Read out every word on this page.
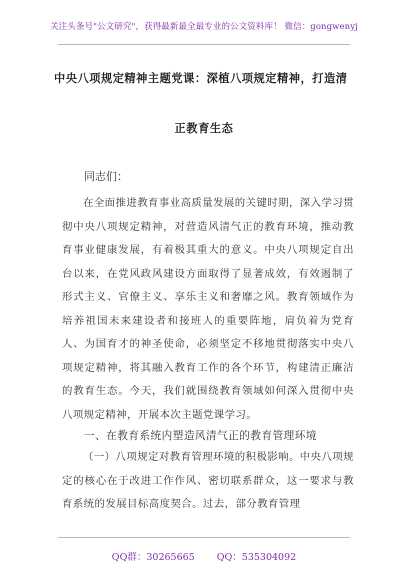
关注头条号"公文研究"，获得最新最全最专业的公文资料库！ 微信：gongwenyj
中央八项规定精神主题党课：深植八项规定精神，打造清
正教育生态
同志们：
在全面推进教育事业高质量发展的关键时期，深入学习贯彻中央八项规定精神，对营造风清气正的教育环境，推动教育事业健康发展，有着极其重大的意义。中央八项规定自出台以来，在党风政风建设方面取得了显著成效，有效遏制了形式主义、官僚主义、享乐主义和奢靡之风。教育领域作为培养祖国未来建设者和接班人的重要阵地，肩负着为党育人、为国育才的神圣使命，必须坚定不移地贯彻落实中央八项规定精神，将其融入教育工作的各个环节，构建清正廉洁的教育生态。今天，我们就围绕教育领域如何深入贯彻中央八项规定精神，开展本次主题党课学习。
一、在教育系统内塑造风清气正的教育管理环境
（一）八项规定对教育管理环境的积极影响。中央八项规定的核心在于改进工作作风、密切联系群众，这一要求与教育系统的发展目标高度契合。过去，部分教育管理
QQ群：30265665 QQ：535304092
